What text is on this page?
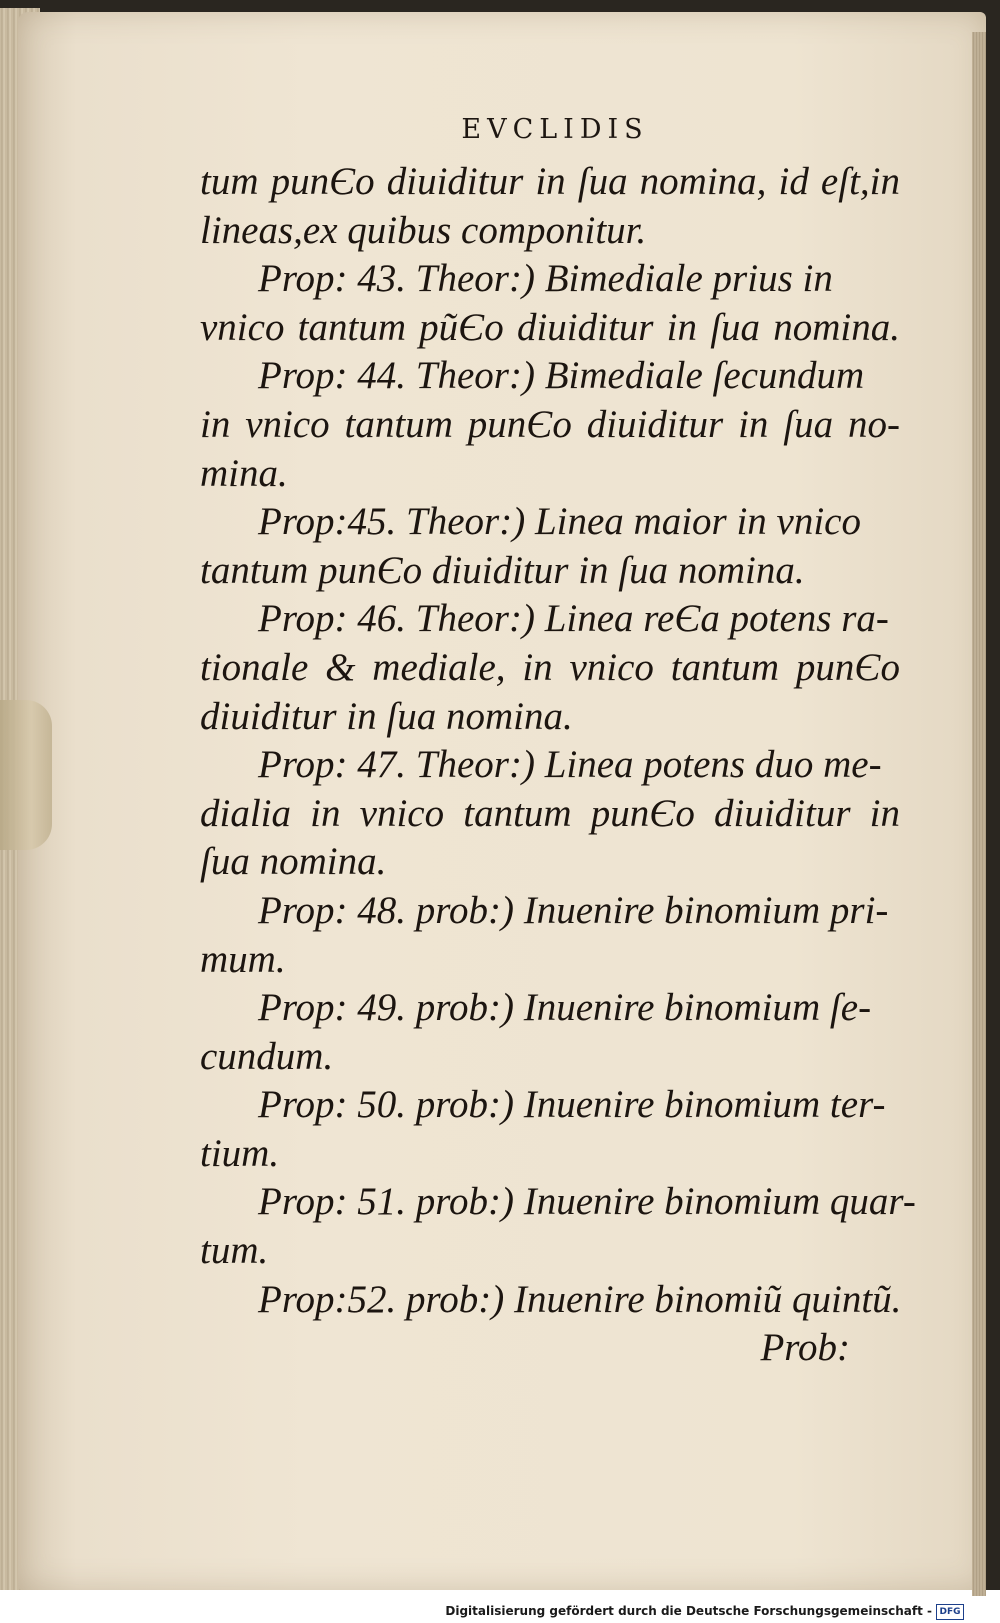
EVCLIDIS
tum punЄo diuiditur in ſua nomina, id eſt,in
lineas,ex quibus componitur.
Prop: 43. Theor:) Bimediale prius in
vnico tantum pũЄo diuiditur in ſua nomina.
Prop: 44. Theor:) Bimediale ſecundum
in vnico tantum punЄo diuiditur in ſua no-
mina.
Prop:45. Theor:) Linea maior in vnico
tantum punЄo diuiditur in ſua nomina.
Prop: 46. Theor:) Linea reЄa potens ra-
tionale & mediale, in vnico tantum punЄo
diuiditur in ſua nomina.
Prop: 47. Theor:) Linea potens duo me-
dialia in vnico tantum punЄo diuiditur in
ſua nomina.
Prop: 48. prob:) Inuenire binomium pri-
mum.
Prop: 49. prob:) Inuenire binomium ſe-
cundum.
Prop: 50. prob:) Inuenire binomium ter-
tium.
Prop: 51. prob:) Inuenire binomium quar-
tum.
Prop:52. prob:) Inuenire binomiũ quintũ.
Prob:
Digitalisierung gefördert durch die Deutsche Forschungsgemeinschaft - DFG
